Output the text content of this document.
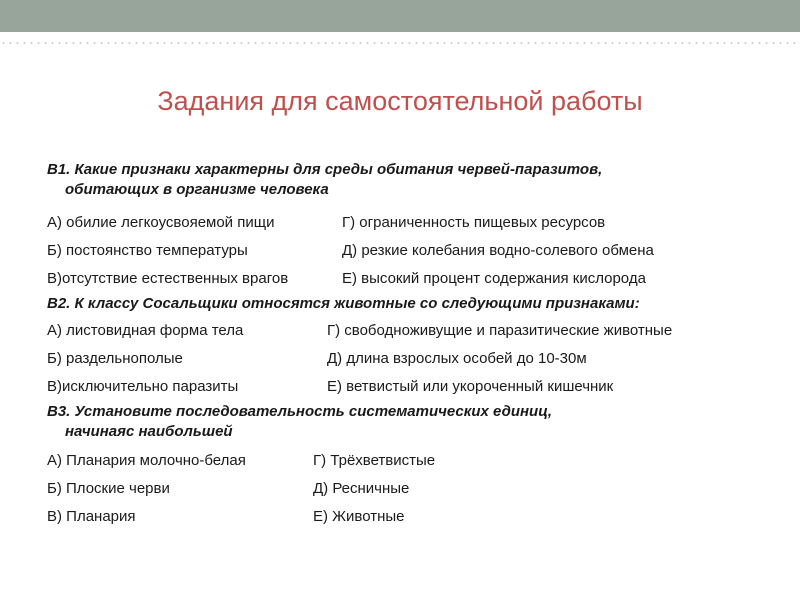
Задания для самостоятельной работы
В1. Какие признаки характерны для среды обитания червей-паразитов,
обитающих в организме человека
А) обилие легкоусвояемой пищи	Г) ограниченность пищевых ресурсов
Б) постоянство температуры	Д) резкие колебания водно-солевого обмена
В)отсутствие естественных врагов	Е) высокий процент содержания кислорода
В2. К классу Сосальщики относятся животные со следующими признаками:
А) листовидная форма тела	Г) свободноживущие и паразитические животные
Б) раздельнополые	Д) длина взрослых особей до 10-30м
В)исключительно паразиты	Е) ветвистый или укороченный кишечник
В3. Установите последовательность систематических единиц,
начинаяс наибольшей
А) Планария молочно-белая	Г) Трёхветвистые
Б) Плоские черви	Д) Ресничные
В) Планария	Е) Животные
